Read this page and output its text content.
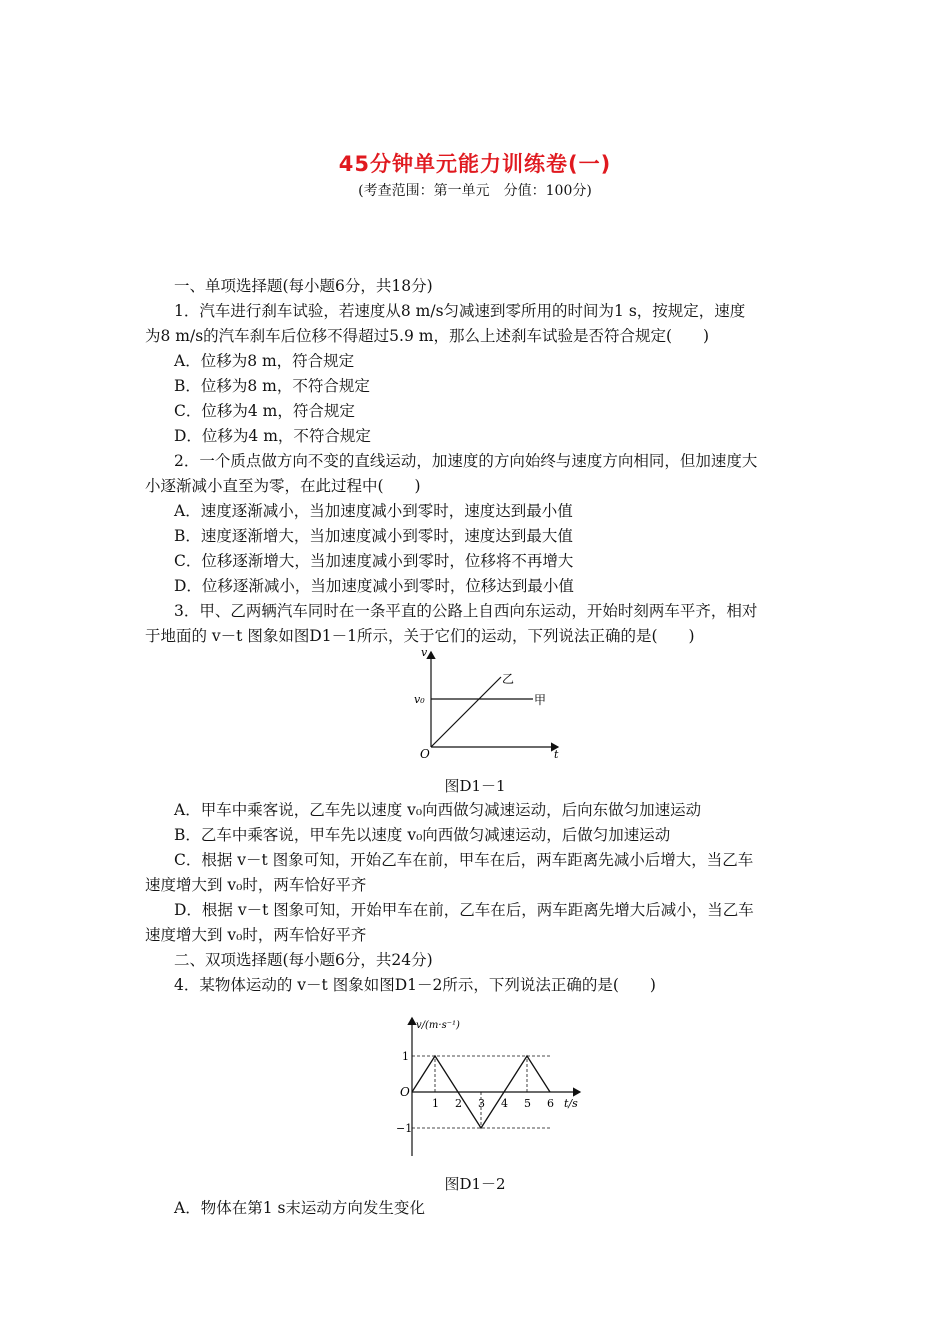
45分钟单元能力训练卷(一)
(考查范围：第一单元　分值：100分)
一、单项选择题(每小题6分，共18分)
1．汽车进行刹车试验，若速度从8 m/s匀减速到零所用的时间为1 s，按规定，速度
为8 m/s的汽车刹车后位移不得超过5.9 m，那么上述刹车试验是否符合规定(　　)
A．位移为8 m，符合规定
B．位移为8 m，不符合规定
C．位移为4 m，符合规定
D．位移为4 m，不符合规定
2．一个质点做方向不变的直线运动，加速度的方向始终与速度方向相同，但加速度大
小逐渐减小直至为零，在此过程中(　　)
A．速度逐渐减小，当加速度减小到零时，速度达到最小值
B．速度逐渐增大，当加速度减小到零时，速度达到最大值
C．位移逐渐增大，当加速度减小到零时，位移将不再增大
D．位移逐渐减小，当加速度减小到零时，位移达到最小值
3．甲、乙两辆汽车同时在一条平直的公路上自西向东运动，开始时刻两车平齐，相对
于地面的 v－t 图象如图D1－1所示，关于它们的运动，下列说法正确的是(　　)
v
t
O
v₀
乙
甲
图D1－1
A．甲车中乘客说，乙车先以速度 v₀向西做匀减速运动，后向东做匀加速运动
B．乙车中乘客说，甲车先以速度 v₀向西做匀减速运动，后做匀加速运动
C．根据 v－t 图象可知，开始乙车在前，甲车在后，两车距离先减小后增大，当乙车
速度增大到 v₀时，两车恰好平齐
D．根据 v－t 图象可知，开始甲车在前，乙车在后，两车距离先增大后减小，当乙车
速度增大到 v₀时，两车恰好平齐
二、双项选择题(每小题6分，共24分)
4．某物体运动的 v－t 图象如图D1－2所示，下列说法正确的是(　　)
1 2 3 4 5 6
−1
1
v/(m·s⁻¹)
t/s
O
图D1－2
A．物体在第1 s末运动方向发生变化
